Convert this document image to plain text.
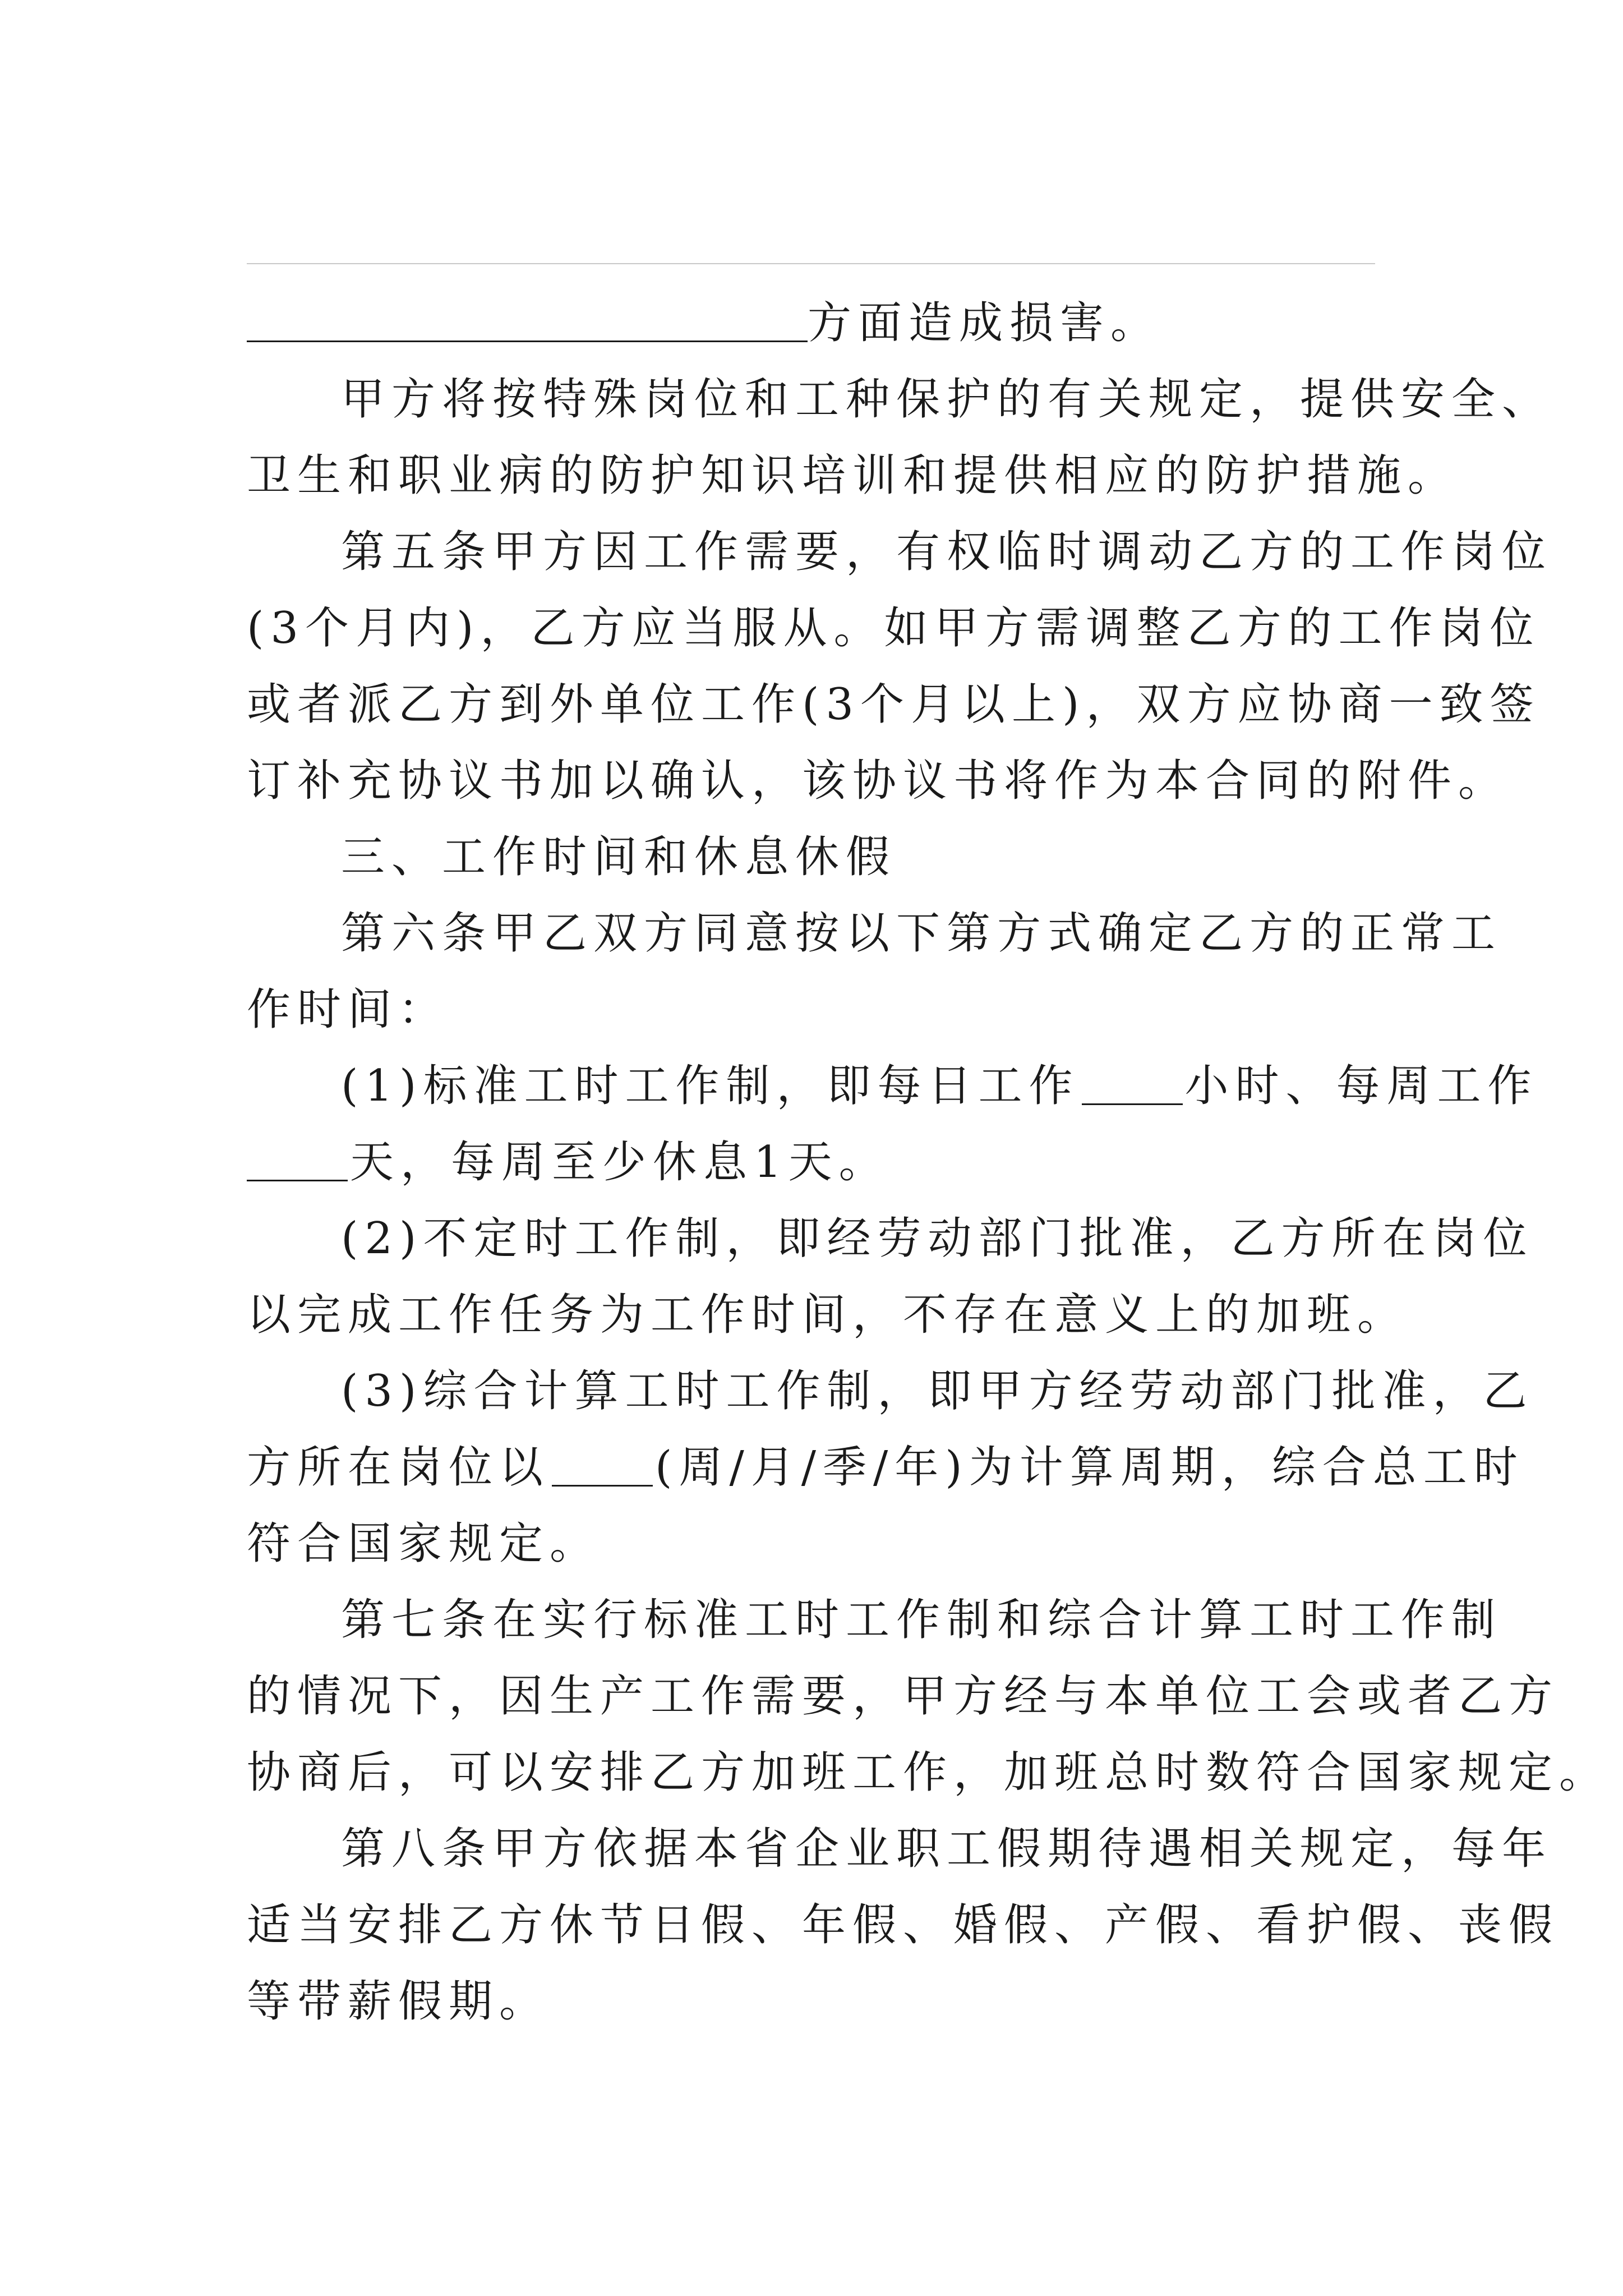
方面造成损害。
甲方将按特殊岗位和工种保护的有关规定，提供安全、
卫生和职业病的防护知识培训和提供相应的防护措施。
第五条甲方因工作需要，有权临时调动乙方的工作岗位
(3个月内)，乙方应当服从。如甲方需调整乙方的工作岗位
或者派乙方到外单位工作(3个月以上)，双方应协商一致签
订补充协议书加以确认，该协议书将作为本合同的附件。
三、工作时间和休息休假
第六条甲乙双方同意按以下第方式确定乙方的正常工
作时间：
(1)标准工时工作制，即每日工作 小时、每周工作
天，每周至少休息1天。
(2)不定时工作制，即经劳动部门批准，乙方所在岗位
以完成工作任务为工作时间，不存在意义上的加班。
(3)综合计算工时工作制，即甲方经劳动部门批准，乙
方所在岗位以 (周/月/季/年)为计算周期，综合总工时
符合国家规定。
第七条在实行标准工时工作制和综合计算工时工作制
的情况下，因生产工作需要，甲方经与本单位工会或者乙方
协商后，可以安排乙方加班工作，加班总时数符合国家规定。
第八条甲方依据本省企业职工假期待遇相关规定，每年
适当安排乙方休节日假、年假、婚假、产假、看护假、丧假
等带薪假期。
